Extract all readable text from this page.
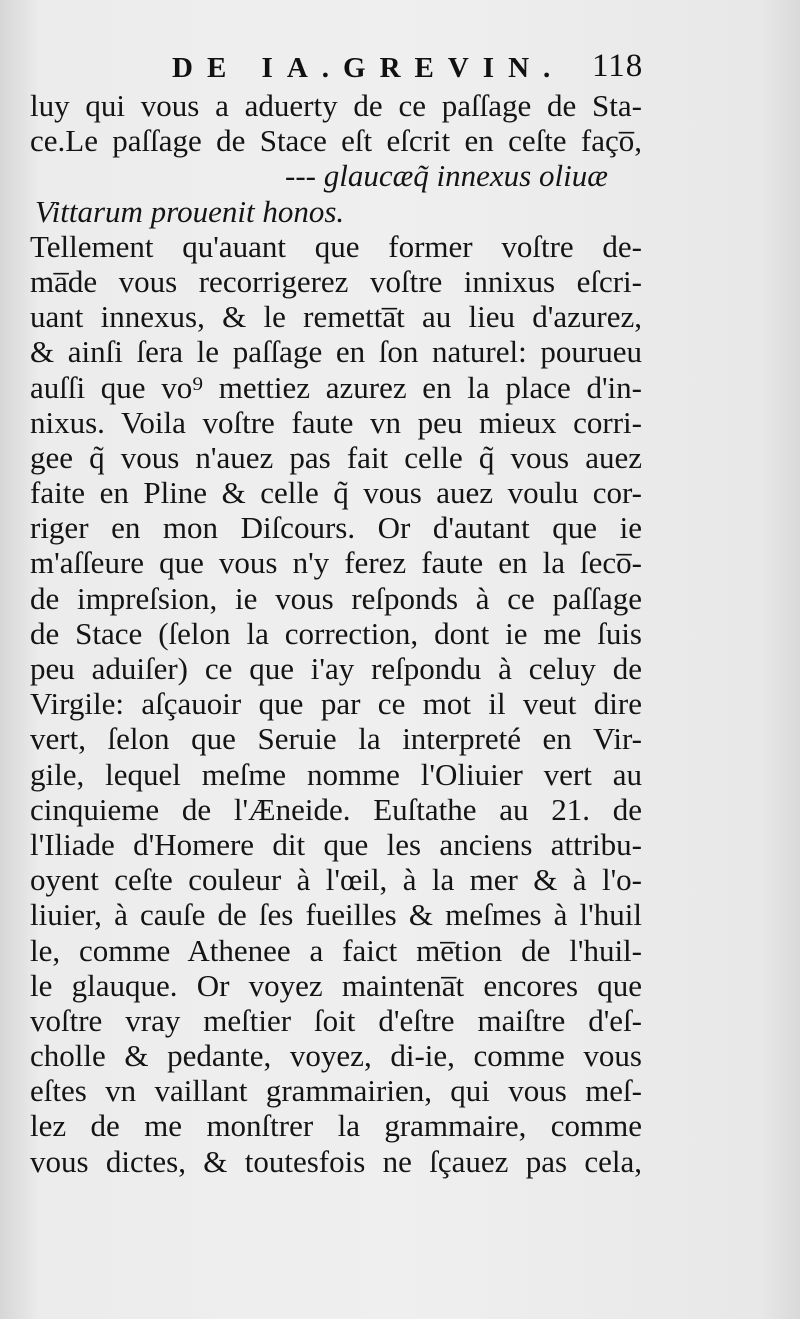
DE IA.GREVIN. 118
luy qui vous a aduerty de ce paſſage de Sta-
ce.Le paſſage de Stace eſt eſcrit en ceſte faço̅,
--- glaucæq̃ innexus oliuæ
Vittarum prouenit honos.
Tellement qu'auant que former voſtre de-
ma̅de vous recorrigerez voſtre innixus eſcri-
uant innexus, & le remetta̅t au lieu d'azurez,
& ainſi ſera le paſſage en ſon naturel: pourueu
auſſi que vo⁹ mettiez azurez en la place d'in-
nixus. Voila voſtre faute vn peu mieux corri-
gee q̃ vous n'auez pas fait celle q̃ vous auez
faite en Pline & celle q̃ vous auez voulu cor-
riger en mon Diſcours. Or d'autant que ie
m'aſſeure que vous n'y ferez faute en la ſeco̅-
de impreſsion, ie vous reſponds à ce paſſage
de Stace (ſelon la correction, dont ie me ſuis
peu aduiſer) ce que i'ay reſpondu à celuy de
Virgile: aſçauoir que par ce mot il veut dire
vert, ſelon que Seruie la interpreté en Vir-
gile, lequel meſme nomme l'Oliuier vert au
cinquieme de l'Æneide. Euſtathe au 21. de
l'Iliade d'Homere dit que les anciens attribu-
oyent ceſte couleur à l'œil, à la mer & à l'o-
liuier, à cauſe de ſes fueilles & meſmes à l'huil
le, comme Athenee a faict me̅tion de l'huil-
le glauque. Or voyez maintena̅t encores que
voſtre vray meſtier ſoit d'eſtre maiſtre d'eſ-
cholle & pedante, voyez, di-ie, comme vous
eſtes vn vaillant grammairien, qui vous meſ-
lez de me monſtrer la grammaire, comme
vous dictes, & toutesfois ne ſçauez pas cela,
